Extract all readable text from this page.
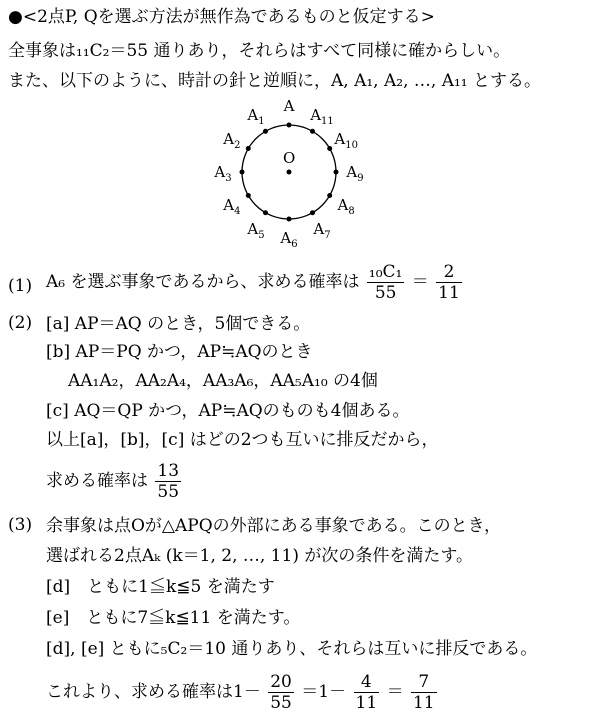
●<2点P, Qを選ぶ方法が無作為であるものと仮定する>
全事象は₁₁C₂＝55 通りあり，それらはすべて同様に確からしい。
また、以下のように、時計の針と逆順に，A, A₁, A₂, …, A₁₁ とする。
O
A
$A_1$
$A_2$
$A_3$
$A_4$
$A_5$ $A_6$
$A_7$
$A_8$
$A_9$
$A_{10}$
$A_{11}$
(1) A₆ を選ぶ事象であるから、求める確率は $\frac{\text{₁₀C₁}}{55} = \frac{2}{11}$
(2) [a] AP＝AQ のとき，5個できる。
[b] AP＝PQ かつ，AP≒AQのとき
AA₁A₂，AA₂A₄，AA₃A₆，AA₅A₁₀ の4個
[c] AQ＝QP かつ，AP≒AQのものも4個ある。
以上[a]，[b]，[c] はどの2つも互いに排反だから，
求める確率は $\frac{13}{55}$
(3) 余事象は点Oが△APQの外部にある事象である。このとき，
選ばれる2点Aₖ (k＝1, 2, …, 11) が次の条件を満たす。
[d]　ともに1≦k≦5 を満たす
[e]　ともに7≦k≦11 を満たす。
[d], [e] ともに₅C₂＝10 通りあり、それらは互いに排反である。
これより、求める確率は$1- \frac{20}{55} =1- \frac{4}{11} = \frac{7}{11}$
